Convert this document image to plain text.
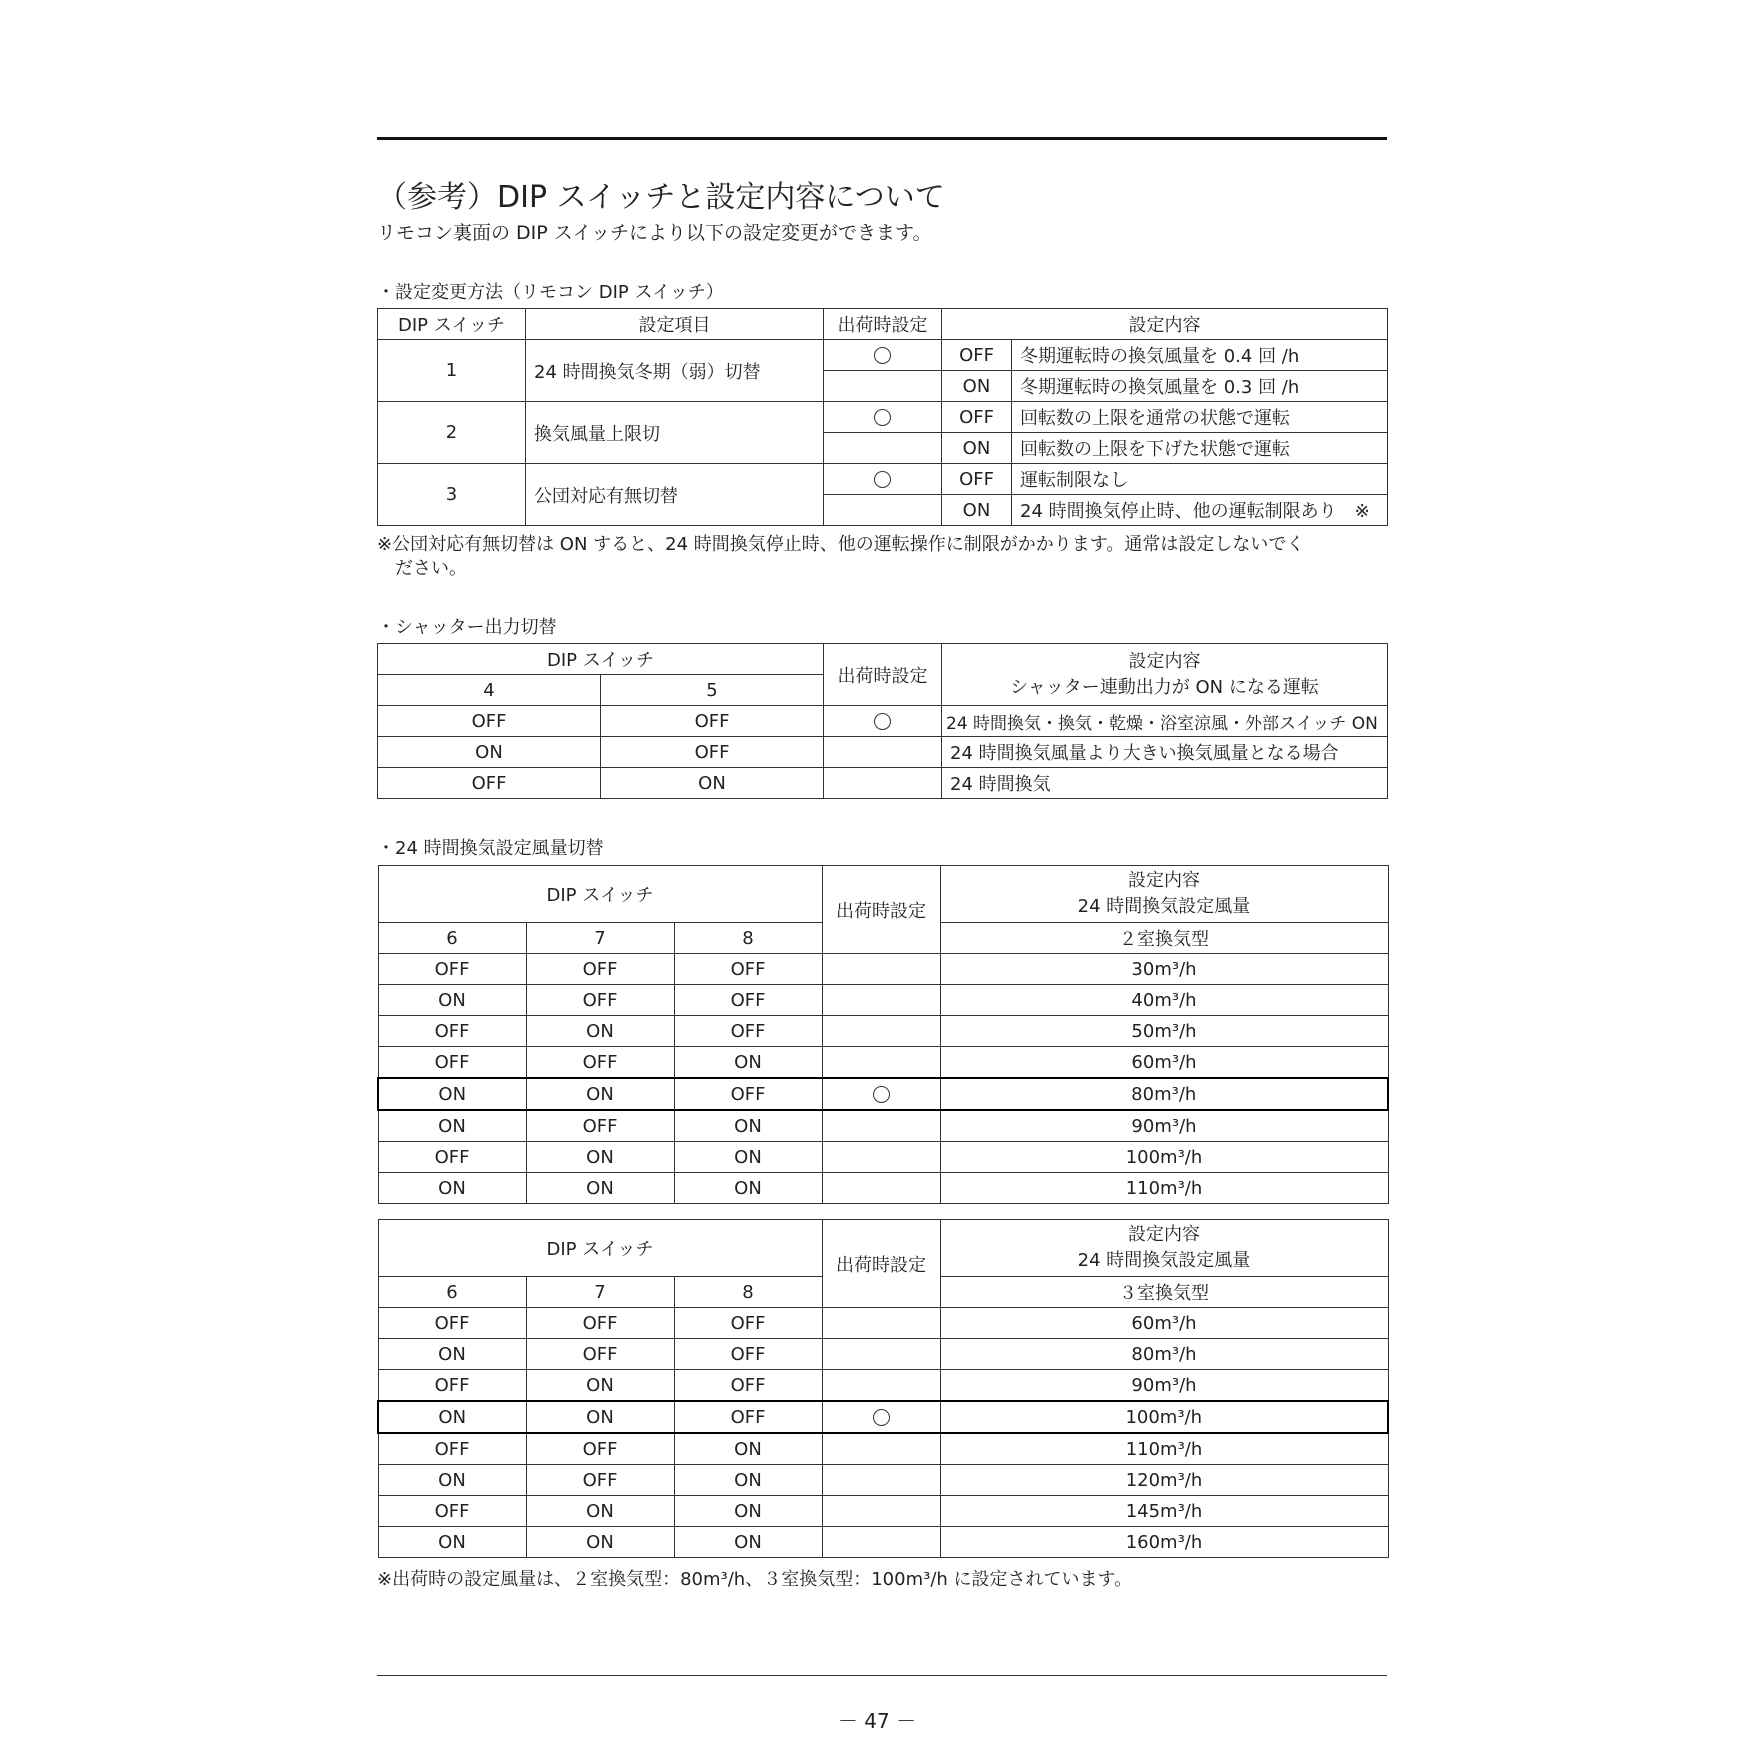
（参考）DIP スイッチと設定内容について
リモコン裏面の DIP スイッチにより以下の設定変更ができます。
・設定変更方法（リモコン DIP スイッチ）
DIP スイッチ	設定項目	出荷時設定	設定内容	
1	24 時間換気冬期（弱）切替		OFF	冬期運転時の換気風量を 0.4 回 /h
			ON	冬期運転時の換気風量を 0.3 回 /h
2	換気風量上限切		OFF	回転数の上限を通常の状態で運転
			ON	回転数の上限を下げた状態で運転
3	公団対応有無切替		OFF	運転制限なし
			ON	24 時間換気停止時、他の運転制限あり　※
※公団対応有無切替は ON すると、24 時間換気停止時、他の運転操作に制限がかかります。通常は設定しないでく
　ださい。
・シャッター出力切替
DIP スイッチ		出荷時設定	設定内容
シャッター連動出力が ON になる運転

4	5		
OFF	OFF		24 時間換気・換気・乾燥・浴室涼風・外部スイッチ ON
ON	OFF		24 時間換気風量より大きい換気風量となる場合
OFF	ON		24 時間換気
・24 時間換気設定風量切替
DIP スイッチ			出荷時設定	設定内容
24 時間換気設定風量

6	7	8		２室換気型
OFF	OFF	OFF		30m³/h
ON	OFF	OFF		40m³/h
OFF	ON	OFF		50m³/h
OFF	OFF	ON		60m³/h
ON	ON	OFF		80m³/h
ON	OFF	ON		90m³/h
OFF	ON	ON		100m³/h
ON	ON	ON		110m³/h
DIP スイッチ			出荷時設定	設定内容
24 時間換気設定風量

6	7	8		３室換気型
OFF	OFF	OFF		60m³/h
ON	OFF	OFF		80m³/h
OFF	ON	OFF		90m³/h
ON	ON	OFF		100m³/h
OFF	OFF	ON		110m³/h
ON	OFF	ON		120m³/h
OFF	ON	ON		145m³/h
ON	ON	ON		160m³/h
※出荷時の設定風量は、２室換気型：80m³/h、３室換気型：100m³/h に設定されています。
－ 47 －
